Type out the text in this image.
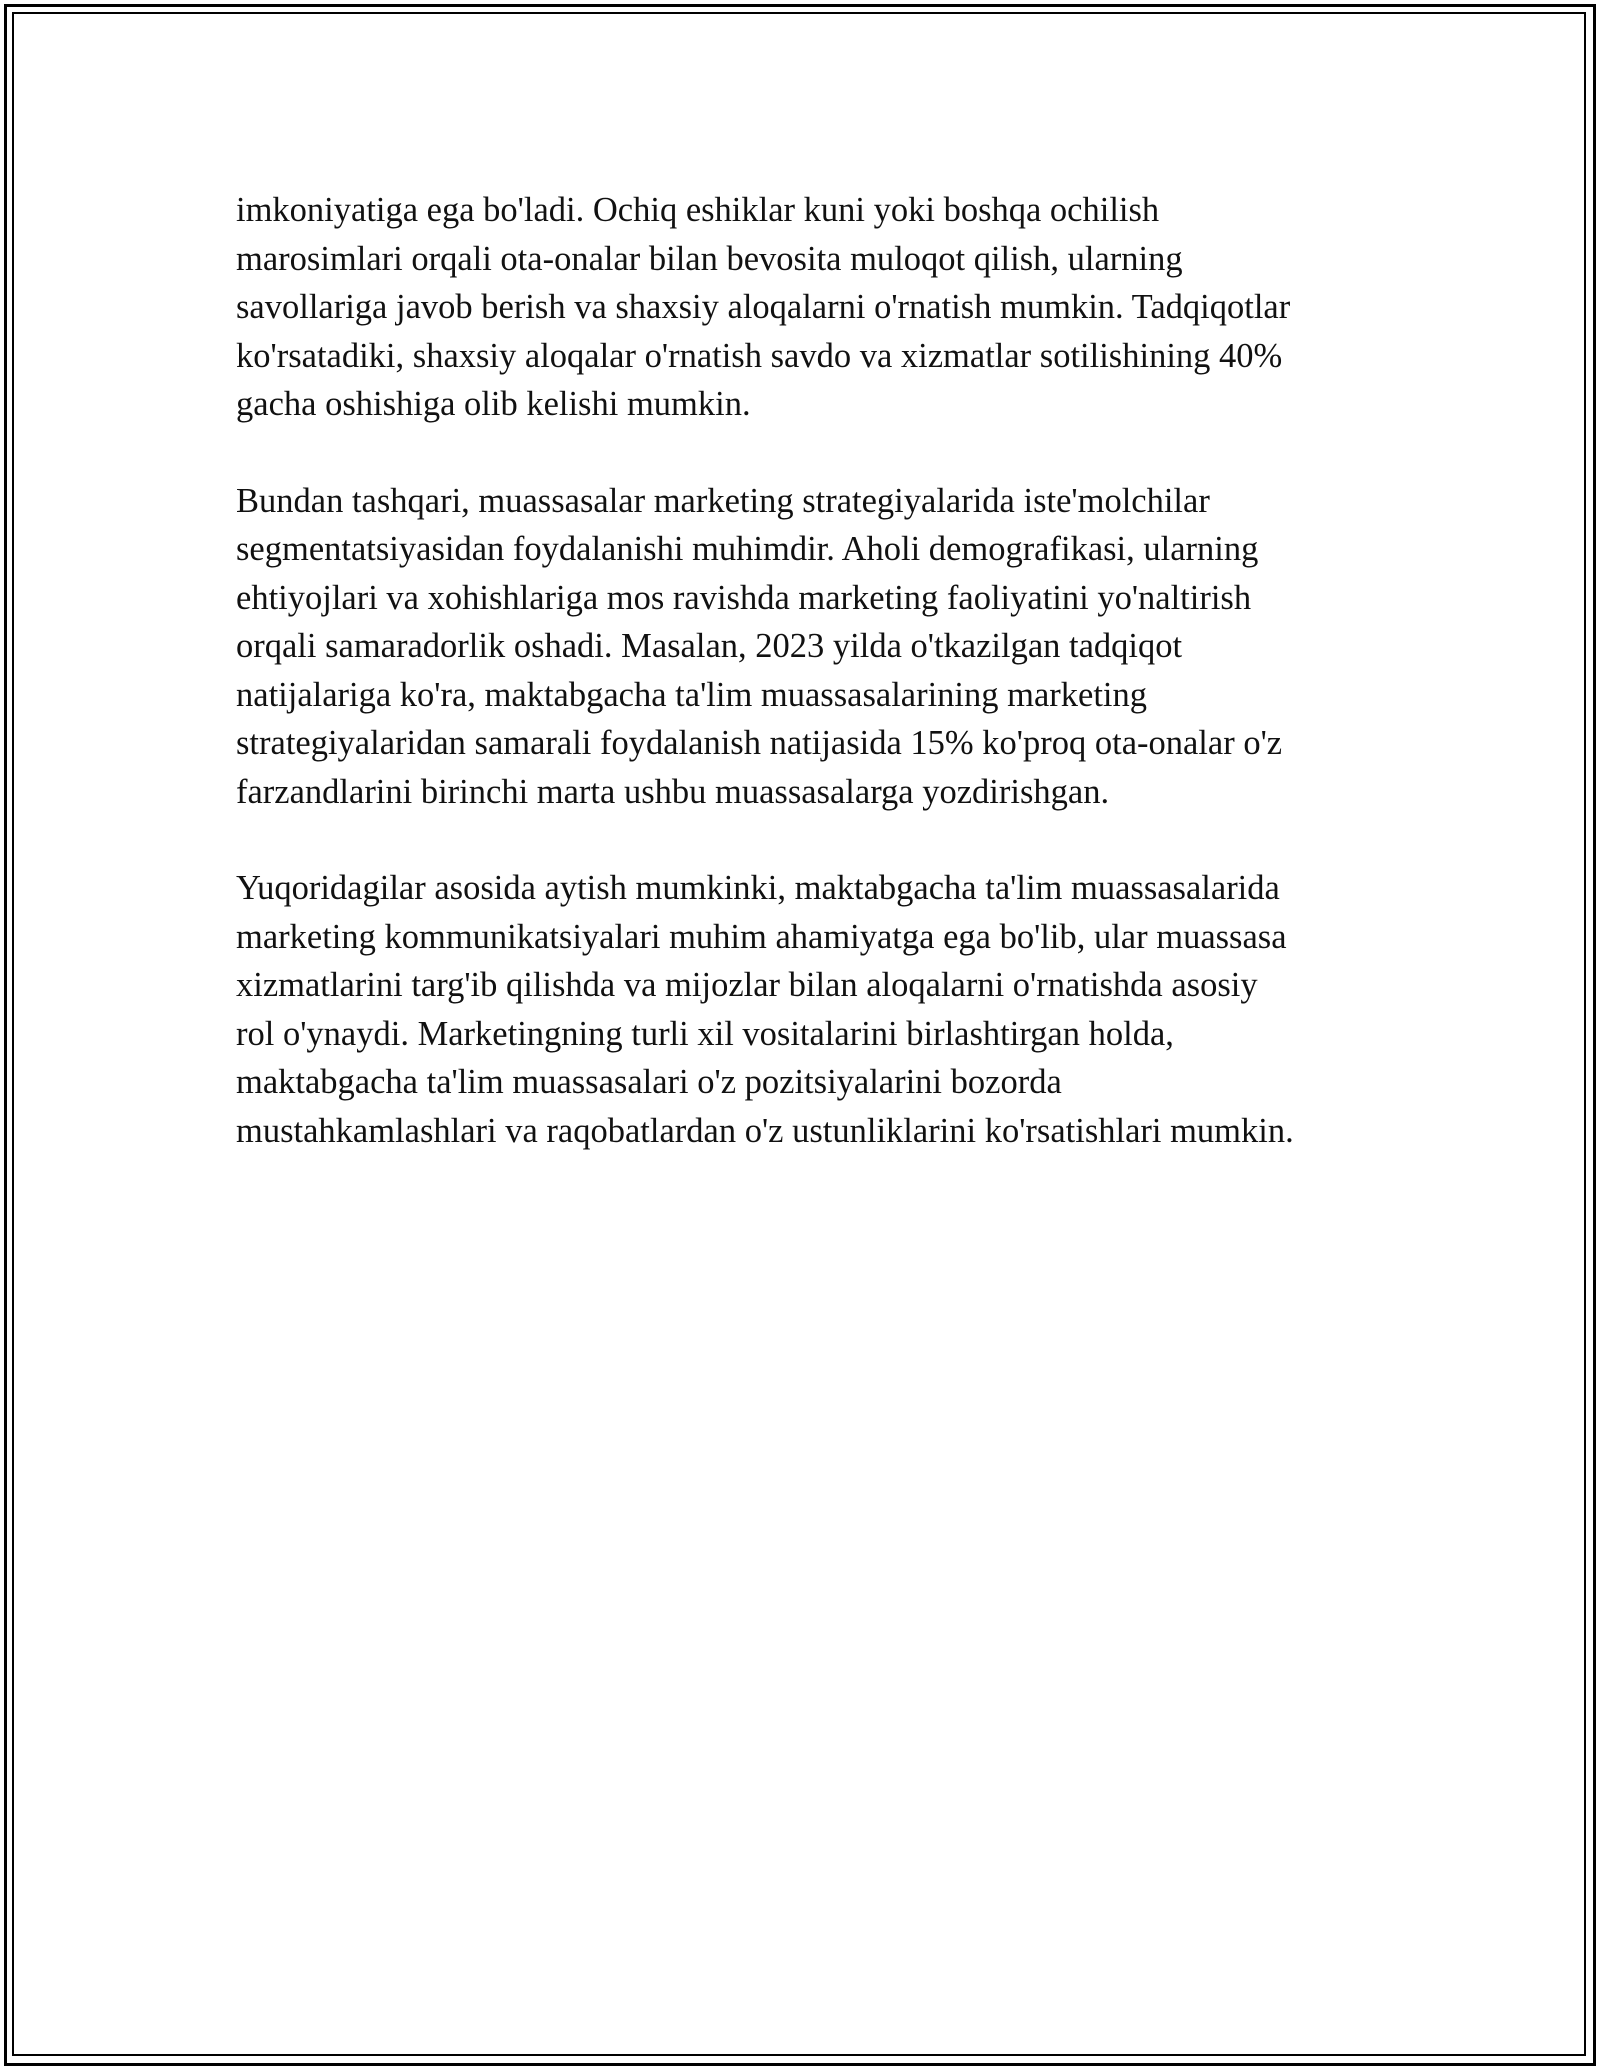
imkoniyatiga ega bo'ladi. Ochiq eshiklar kuni yoki boshqa ochilish
marosimlari orqali ota-onalar bilan bevosita muloqot qilish, ularning
savollariga javob berish va shaxsiy aloqalarni o'rnatish mumkin. Tadqiqotlar
ko'rsatadiki, shaxsiy aloqalar o'rnatish savdo va xizmatlar sotilishining 40%
gacha oshishiga olib kelishi mumkin.

Bundan tashqari, muassasalar marketing strategiyalarida iste'molchilar
segmentatsiyasidan foydalanishi muhimdir. Aholi demografikasi, ularning
ehtiyojlari va xohishlariga mos ravishda marketing faoliyatini yo'naltirish
orqali samaradorlik oshadi. Masalan, 2023 yilda o'tkazilgan tadqiqot
natijalariga ko'ra, maktabgacha ta'lim muassasalarining marketing
strategiyalaridan samarali foydalanish natijasida 15% ko'proq ota-onalar o'z
farzandlarini birinchi marta ushbu muassasalarga yozdirishgan.

Yuqoridagilar asosida aytish mumkinki, maktabgacha ta'lim muassasalarida
marketing kommunikatsiyalari muhim ahamiyatga ega bo'lib, ular muassasa
xizmatlarini targ'ib qilishda va mijozlar bilan aloqalarni o'rnatishda asosiy
rol o'ynaydi. Marketingning turli xil vositalarini birlashtirgan holda,
maktabgacha ta'lim muassasalari o'z pozitsiyalarini bozorda
mustahkamlashlari va raqobatlardan o'z ustunliklarini ko'rsatishlari mumkin.
